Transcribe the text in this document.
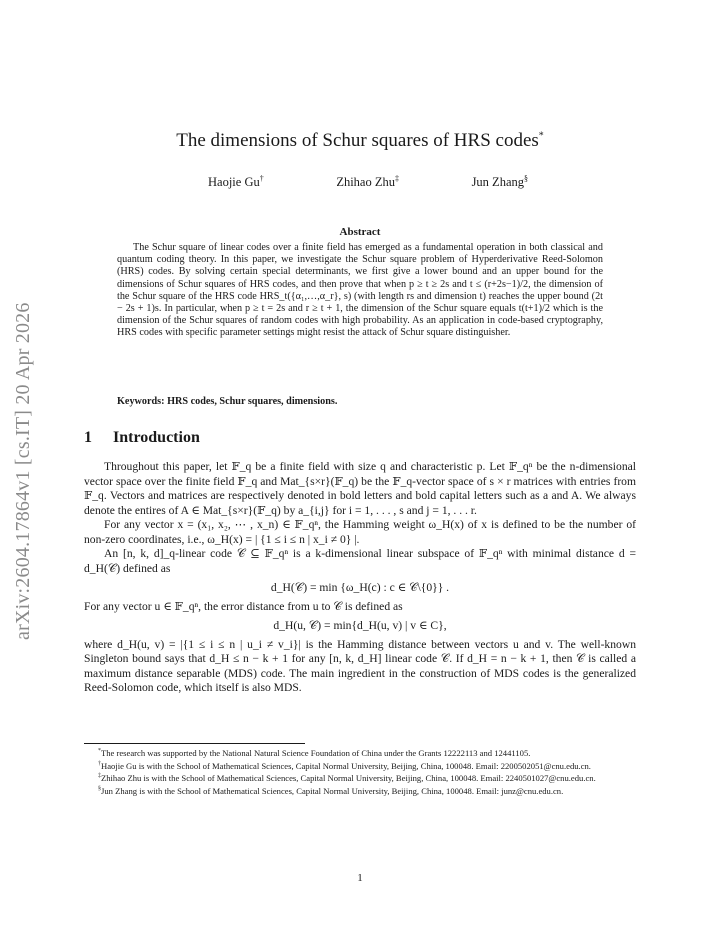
arXiv:2604.17864v1 [cs.IT] 20 Apr 2026
The dimensions of Schur squares of HRS codes*
Haojie Gu†	Zhihao Zhu‡	Jun Zhang§
Abstract
The Schur square of linear codes over a finite field has emerged as a fundamental operation in both classical and quantum coding theory. In this paper, we investigate the Schur square problem of Hyperderivative Reed-Solomon (HRS) codes. By solving certain special determinants, we first give a lower bound and an upper bound for the dimensions of Schur squares of HRS codes, and then prove that when p ≥ t ≥ 2s and t ≤ (r+2s−1)/2, the dimension of the Schur square of the HRS code HRS_t({α₁,…,α_r}, s) (with length rs and dimension t) reaches the upper bound (2t − 2s + 1)s. In particular, when p ≥ t = 2s and r ≥ t + 1, the dimension of the Schur square equals t(t+1)/2 which is the dimension of the Schur squares of random codes with high probability. As an application in code-based cryptography, HRS codes with specific parameter settings might resist the attack of Schur square distinguisher.
Keywords: HRS codes, Schur squares, dimensions.
1 Introduction

Throughout this paper, let 𝔽_q be a finite field with size q and characteristic p. Let 𝔽_qⁿ be the n-dimensional vector space over the finite field 𝔽_q and Mat_{s×r}(𝔽_q) be the 𝔽_q-vector space of s × r matrices with entries from 𝔽_q. Vectors and matrices are respectively denoted in bold letters and bold capital letters such as a and A. We always denote the entires of A ∈ Mat_{s×r}(𝔽_q) by a_{i,j} for i = 1, . . . , s and j = 1, . . . r.

For any vector x = (x₁, x₂, ⋯ , x_n) ∈ 𝔽_qⁿ, the Hamming weight ω_H(x) of x is defined to be the number of non-zero coordinates, i.e., ω_H(x) = | {1 ≤ i ≤ n | x_i ≠ 0} |.

An [n, k, d]_q-linear code 𝒞 ⊆ 𝔽_qⁿ is a k-dimensional linear subspace of 𝔽_qⁿ with minimal distance d = d_H(𝒞) defined as

d_H(𝒞) = min {ω_H(c) : c ∈ 𝒞\{0}} .

For any vector u ∈ 𝔽_qⁿ, the error distance from u to 𝒞 is defined as

d_H(u, 𝒞) = min{d_H(u, v) | v ∈ C},

where d_H(u, v) = |{1 ≤ i ≤ n | u_i ≠ v_i}| is the Hamming distance between vectors u and v. The well-known Singleton bound says that d_H ≤ n − k + 1 for any [n, k, d_H] linear code 𝒞. If d_H = n − k + 1, then 𝒞 is called a maximum distance separable (MDS) code. The main ingredient in the construction of MDS codes is the generalized Reed-Solomon code, which itself is also MDS.

*The research was supported by the National Natural Science Foundation of China under the Grants 12222113 and 12441105.

†Haojie Gu is with the School of Mathematical Sciences, Capital Normal University, Beijing, China, 100048. Email: 2200502051@cnu.edu.cn.

‡Zhihao Zhu is with the School of Mathematical Sciences, Capital Normal University, Beijing, China, 100048. Email: 2240501027@cnu.edu.cn.

§Jun Zhang is with the School of Mathematical Sciences, Capital Normal University, Beijing, China, 100048. Email: junz@cnu.edu.cn.

1
